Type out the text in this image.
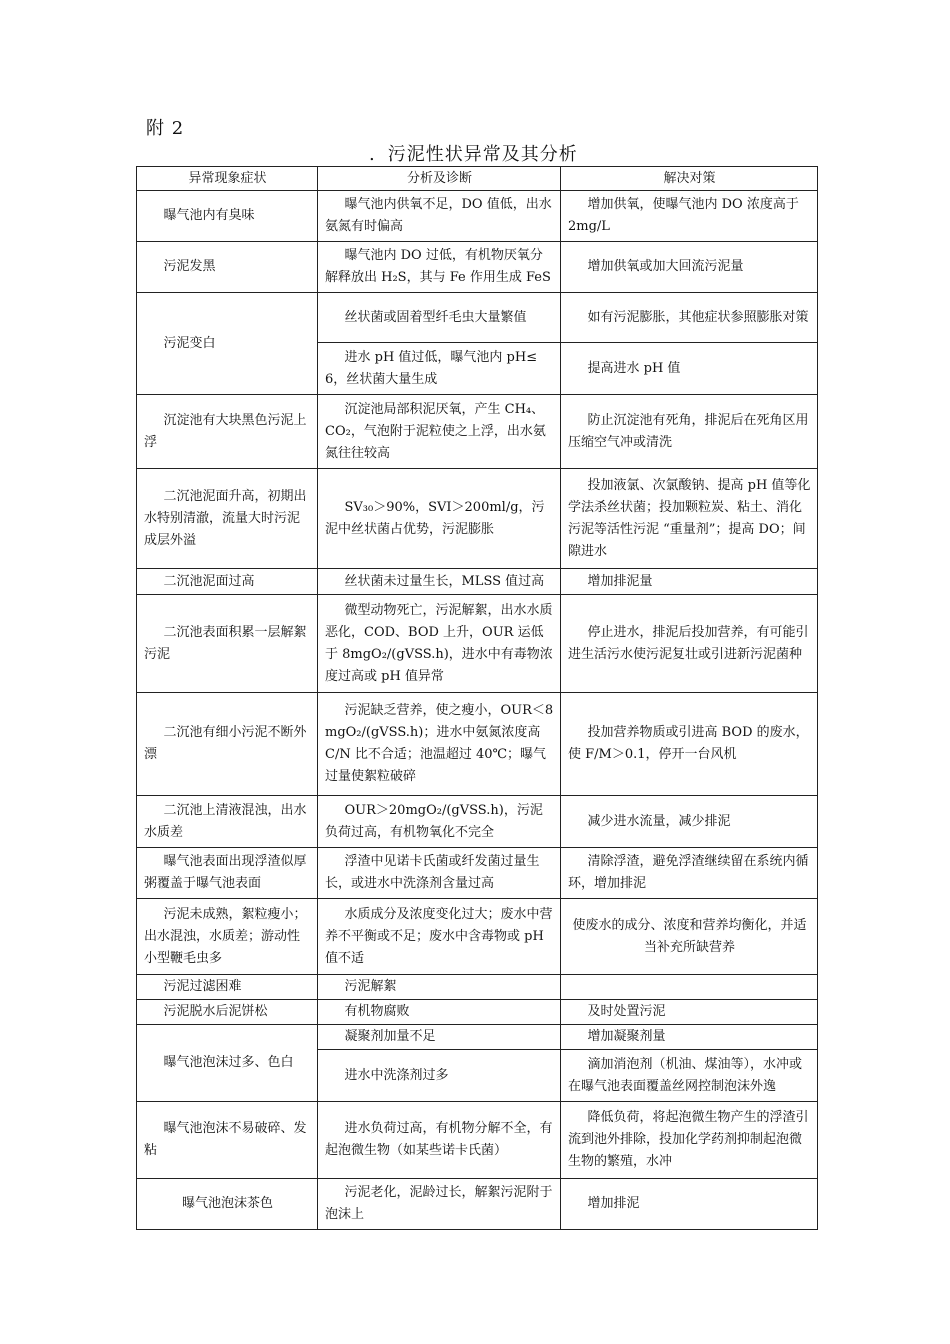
附 2
. 污泥性状异常及其分析
异常现象症状	分析及诊断	解决对策
曝气池内有臭味	曝气池内供氧不足，DO 值低，出水氨氮有时偏高	增加供氧，使曝气池内 DO 浓度高于 2mg/L
污泥发黑	曝气池内 DO 过低，有机物厌氧分解释放出 H₂S，其与 Fe 作用生成 FeS	增加供氧或加大回流污泥量
污泥变白	丝状菌或固着型纤毛虫大量繁值	如有污泥膨胀，其他症状参照膨胀对策
	进水 pH 值过低，曝气池内 pH≤6，丝状菌大量生成	提高进水 pH 值
沉淀池有大块黑色污泥上浮	沉淀池局部积泥厌氧，产生 CH₄、CO₂，气泡附于泥粒使之上浮，出水氨氮往往较高	防止沉淀池有死角，排泥后在死角区用压缩空气冲或清洗
二沉池泥面升高，初期出水特别清澈，流量大时污泥成层外溢	SV₃₀＞90%，SVI＞200ml/g，污泥中丝状菌占优势，污泥膨胀	投加液氯、次氯酸钠、提高 pH 值等化学法杀丝状菌；投加颗粒炭、粘土、消化污泥等活性污泥 “重量剂”；提高 DO；间隙进水
二沉池泥面过高	丝状菌未过量生长，MLSS 值过高	增加排泥量
二沉池表面积累一层解絮污泥	微型动物死亡，污泥解絮，出水水质恶化，COD、BOD 上升，OUR 运低于 8mgO₂/(gVSS.h)，进水中有毒物浓度过高或 pH 值异常	停止进水，排泥后投加营养，有可能引进生活污水使污泥复壮或引进新污泥菌种
二沉池有细小污泥不断外漂	污泥缺乏营养，使之瘦小，OUR＜8mgO₂/(gVSS.h)；进水中氨氮浓度高 C/N 比不合适；池温超过 40℃；曝气过量使絮粒破碎	投加营养物质或引进高 BOD 的废水，使 F/M＞0.1，停开一台风机
二沉池上清液混浊，出水水质差	OUR＞20mgO₂/(gVSS.h)，污泥负荷过高，有机物氧化不完全	减少进水流量，减少排泥
曝气池表面出现浮渣似厚粥覆盖于曝气池表面	浮渣中见诺卡氏菌或纤发菌过量生长，或进水中洗涤剂含量过高	清除浮渣，避免浮渣继续留在系统内循环，增加排泥
污泥未成熟，絮粒瘦小；出水混浊，水质差；游动性小型鞭毛虫多	水质成分及浓度变化过大；废水中营养不平衡或不足；废水中含毒物或 pH 值不适	使废水的成分、浓度和营养均衡化，并适当补充所缺营养
污泥过滤困难	污泥解絮	
污泥脱水后泥饼松	有机物腐败	及时处置污泥
曝气池泡沫过多、色白	凝聚剂加量不足	增加凝聚剂量
	进水中洗涤剂过多	滴加消泡剂（机油、煤油等），水冲或在曝气池表面覆盖丝网控制泡沫外逸
曝气池泡沫不易破碎、发粘	进水负荷过高，有机物分解不全，有起泡微生物（如某些诺卡氏菌）	降低负荷，将起泡微生物产生的浮渣引流到池外排除，投加化学药剂抑制起泡微生物的繁殖，水冲
曝气池泡沫茶色	污泥老化，泥龄过长，解絮污泥附于泡沫上	增加排泥
